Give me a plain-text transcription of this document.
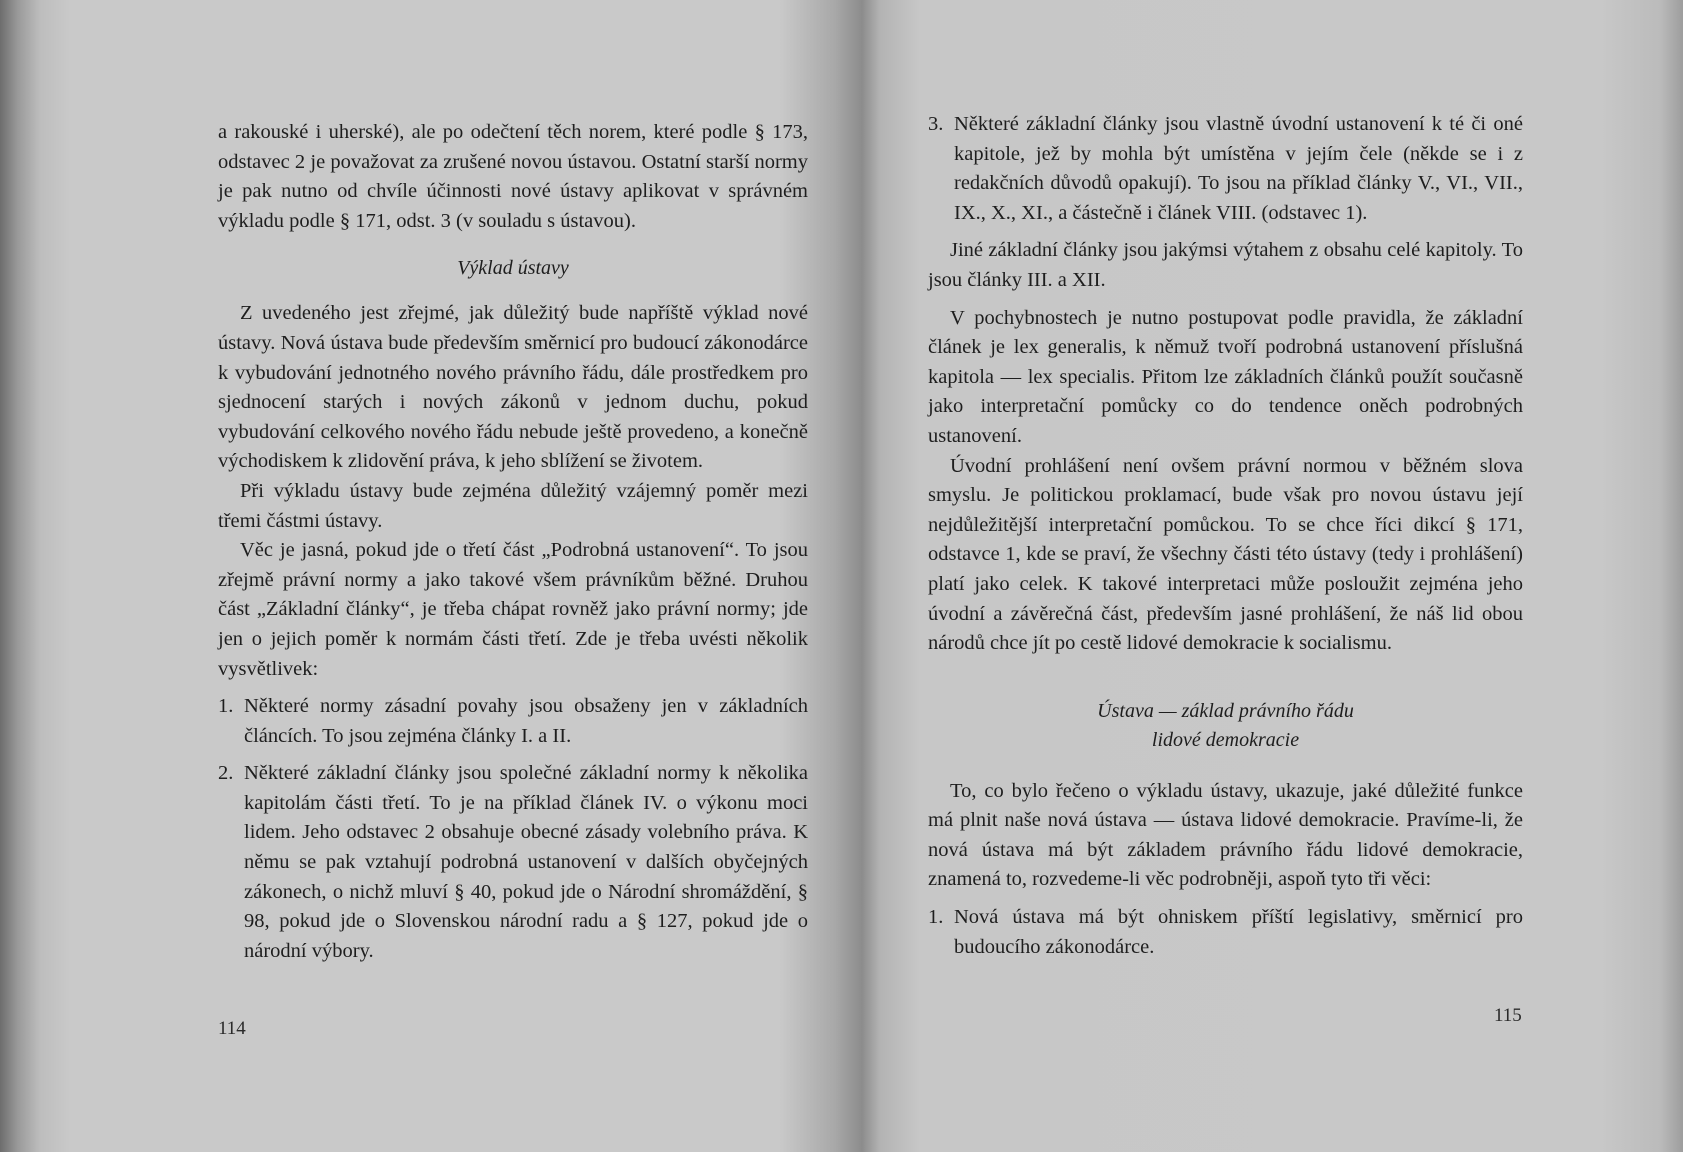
a rakouské i uherské), ale po odečtení těch norem, které podle § 173, odstavec 2 je považovat za zrušené novou ústavou. Ostatní starší normy je pak nutno od chvíle účinnosti nové ústavy aplikovat v správném výkladu podle § 171, odst. 3 (v souladu s ústavou).

Výklad ústavy

Z uvedeného jest zřejmé, jak důležitý bude napříště výklad nové ústavy. Nová ústava bude především směrnicí pro budoucí zákonodárce k vybudování jednotného nového právního řádu, dále prostředkem pro sjednocení starých i nových zákonů v jednom duchu, pokud vybudování celkového nového řádu nebude ještě provedeno, a konečně východiskem k zlidovění práva, k jeho sblížení se životem.

Při výkladu ústavy bude zejména důležitý vzájemný poměr mezi třemi částmi ústavy.

Věc je jasná, pokud jde o třetí část „Podrobná ustanovení“. To jsou zřejmě právní normy a jako takové všem právníkům běžné. Druhou část „Základní články“, je třeba chápat rovněž jako právní normy; jde jen o jejich poměr k normám části třetí. Zde je třeba uvésti několik vysvětlivek:

1. Některé normy zásadní povahy jsou obsaženy jen v základních článcích. To jsou zejména články I. a II.
2. Některé základní články jsou společné základní normy k několika kapitolám části třetí. To je na příklad článek IV. o výkonu moci lidem. Jeho odstavec 2 obsahuje obecné zásady volebního práva. K němu se pak vztahují podrobná ustanovení v dalších obyčejných zákonech, o nichž mluví § 40, pokud jde o Národní shromáždění, § 98, pokud jde o Slovenskou národní radu a § 127, pokud jde o národní výbory.
114
3. Některé základní články jsou vlastně úvodní ustanovení k té či oné kapitole, jež by mohla být umístěna v jejím čele (někde se i z redakčních důvodů opakují). To jsou na příklad články V., VI., VII., IX., X., XI., a částečně i článek VIII. (odstavec 1).

Jiné základní články jsou jakýmsi výtahem z obsahu celé kapitoly. To jsou články III. a XII.

V pochybnostech je nutno postupovat podle pravidla, že základní článek je lex generalis, k němuž tvoří podrobná ustanovení příslušná kapitola — lex specialis. Přitom lze základních článků použít současně jako interpretační pomůcky co do tendence oněch podrobných ustanovení.

Úvodní prohlášení není ovšem právní normou v běžném slova smyslu. Je politickou proklamací, bude však pro novou ústavu její nejdůležitější interpretační pomůckou. To se chce říci dikcí § 171, odstavce 1, kde se praví, že všechny části této ústavy (tedy i prohlášení) platí jako celek. K takové interpretaci může posloužit zejména jeho úvodní a závěrečná část, především jasné prohlášení, že náš lid obou národů chce jít po cestě lidové demokracie k socialismu.

Ústava — základ právního řádu
lidové demokracie

To, co bylo řečeno o výkladu ústavy, ukazuje, jaké důležité funkce má plnit naše nová ústava — ústava lidové demokracie. Pravíme-li, že nová ústava má být základem právního řádu lidové demokracie, znamená to, rozvedeme-li věc podrobněji, aspoň tyto tři věci:

1. Nová ústava má být ohniskem příští legislativy, směrnicí pro budoucího zákonodárce.
115
